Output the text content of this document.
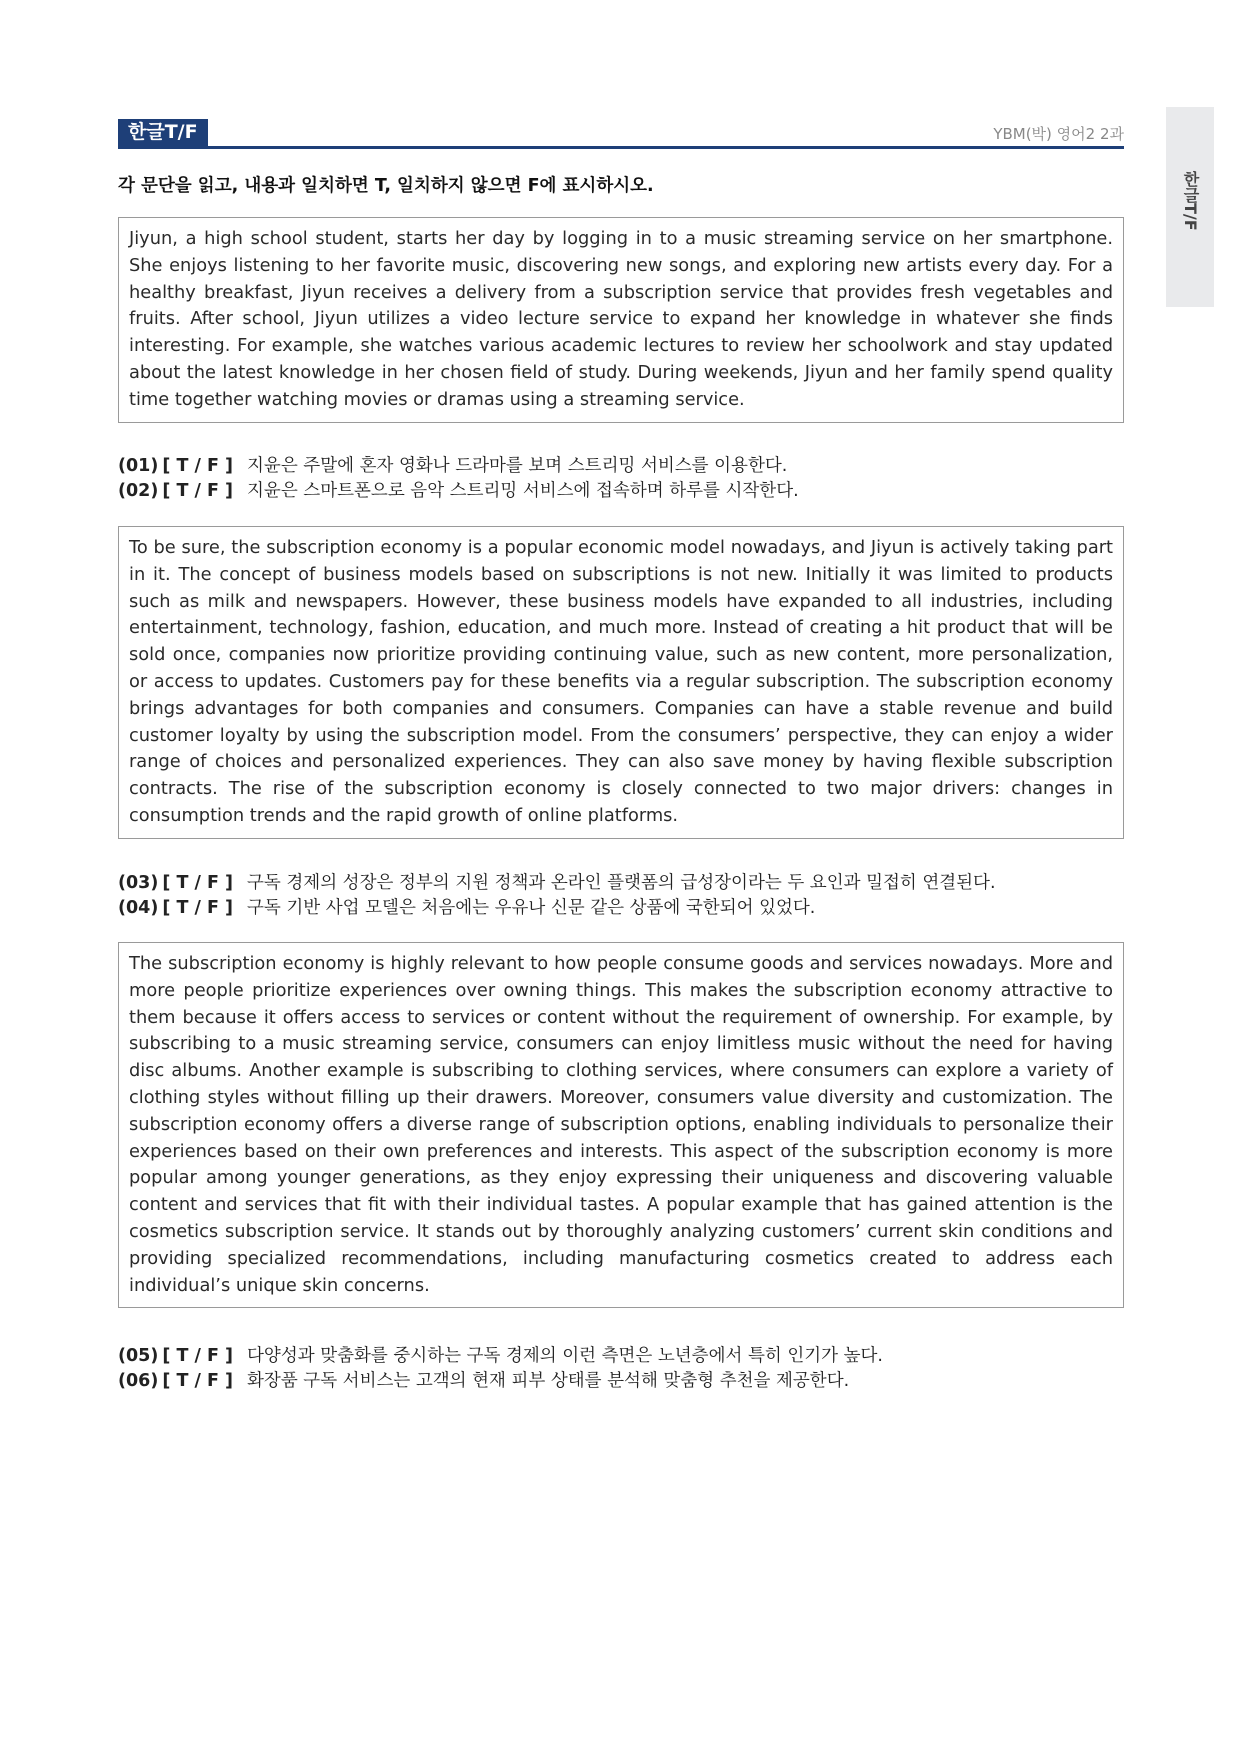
한글T/F	YBM(박) 영어2 2과
한글T/F
각 문단을 읽고, 내용과 일치하면 T, 일치하지 않으면 F에 표시하시오.
Jiyun, a high school student, starts her day by logging in to a music streaming service on her smartphone. She enjoys listening to her favorite music, discovering new songs, and exploring new artists every day. For a healthy breakfast, Jiyun receives a delivery from a subscription service that provides fresh vegetables and fruits. After school, Jiyun utilizes a video lecture service to expand her knowledge in whatever she finds interesting. For example, she watches various academic lectures to review her schoolwork and stay updated about the latest knowledge in her chosen field of study. During weekends, Jiyun and her family spend quality time together watching movies or dramas using a streaming service.
(01) [ T / F ] 지윤은 주말에 혼자 영화나 드라마를 보며 스트리밍 서비스를 이용한다.
(02) [ T / F ] 지윤은 스마트폰으로 음악 스트리밍 서비스에 접속하며 하루를 시작한다.
To be sure, the subscription economy is a popular economic model nowadays, and Jiyun is actively taking part in it. The concept of business models based on subscriptions is not new. Initially it was limited to products such as milk and newspapers. However, these business models have expanded to all industries, including entertainment, technology, fashion, education, and much more. Instead of creating a hit product that will be sold once, companies now prioritize providing continuing value, such as new content, more personalization, or access to updates. Customers pay for these benefits via a regular subscription. The subscription economy brings advantages for both companies and consumers. Companies can have a stable revenue and build customer loyalty by using the subscription model. From the consumers’ perspective, they can enjoy a wider range of choices and personalized experiences. They can also save money by having flexible subscription contracts. The rise of the subscription economy is closely connected to two major drivers: changes in consumption trends and the rapid growth of online platforms.
(03) [ T / F ] 구독 경제의 성장은 정부의 지원 정책과 온라인 플랫폼의 급성장이라는 두 요인과 밀접히 연결된다.
(04) [ T / F ] 구독 기반 사업 모델은 처음에는 우유나 신문 같은 상품에 국한되어 있었다.
The subscription economy is highly relevant to how people consume goods and services nowadays. More and more people prioritize experiences over owning things. This makes the subscription economy attractive to them because it offers access to services or content without the requirement of ownership. For example, by subscribing to a music streaming service, consumers can enjoy limitless music without the need for having disc albums. Another example is subscribing to clothing services, where consumers can explore a variety of clothing styles without filling up their drawers. Moreover, consumers value diversity and customization. The subscription economy offers a diverse range of subscription options, enabling individuals to personalize their experiences based on their own preferences and interests. This aspect of the subscription economy is more popular among younger generations, as they enjoy expressing their uniqueness and discovering valuable content and services that fit with their individual tastes. A popular example that has gained attention is the cosmetics subscription service. It stands out by thoroughly analyzing customers’ current skin conditions and providing specialized recommendations, including manufacturing cosmetics created to address each individual’s unique skin concerns.
(05) [ T / F ] 다양성과 맞춤화를 중시하는 구독 경제의 이런 측면은 노년층에서 특히 인기가 높다.
(06) [ T / F ] 화장품 구독 서비스는 고객의 현재 피부 상태를 분석해 맞춤형 추천을 제공한다.
